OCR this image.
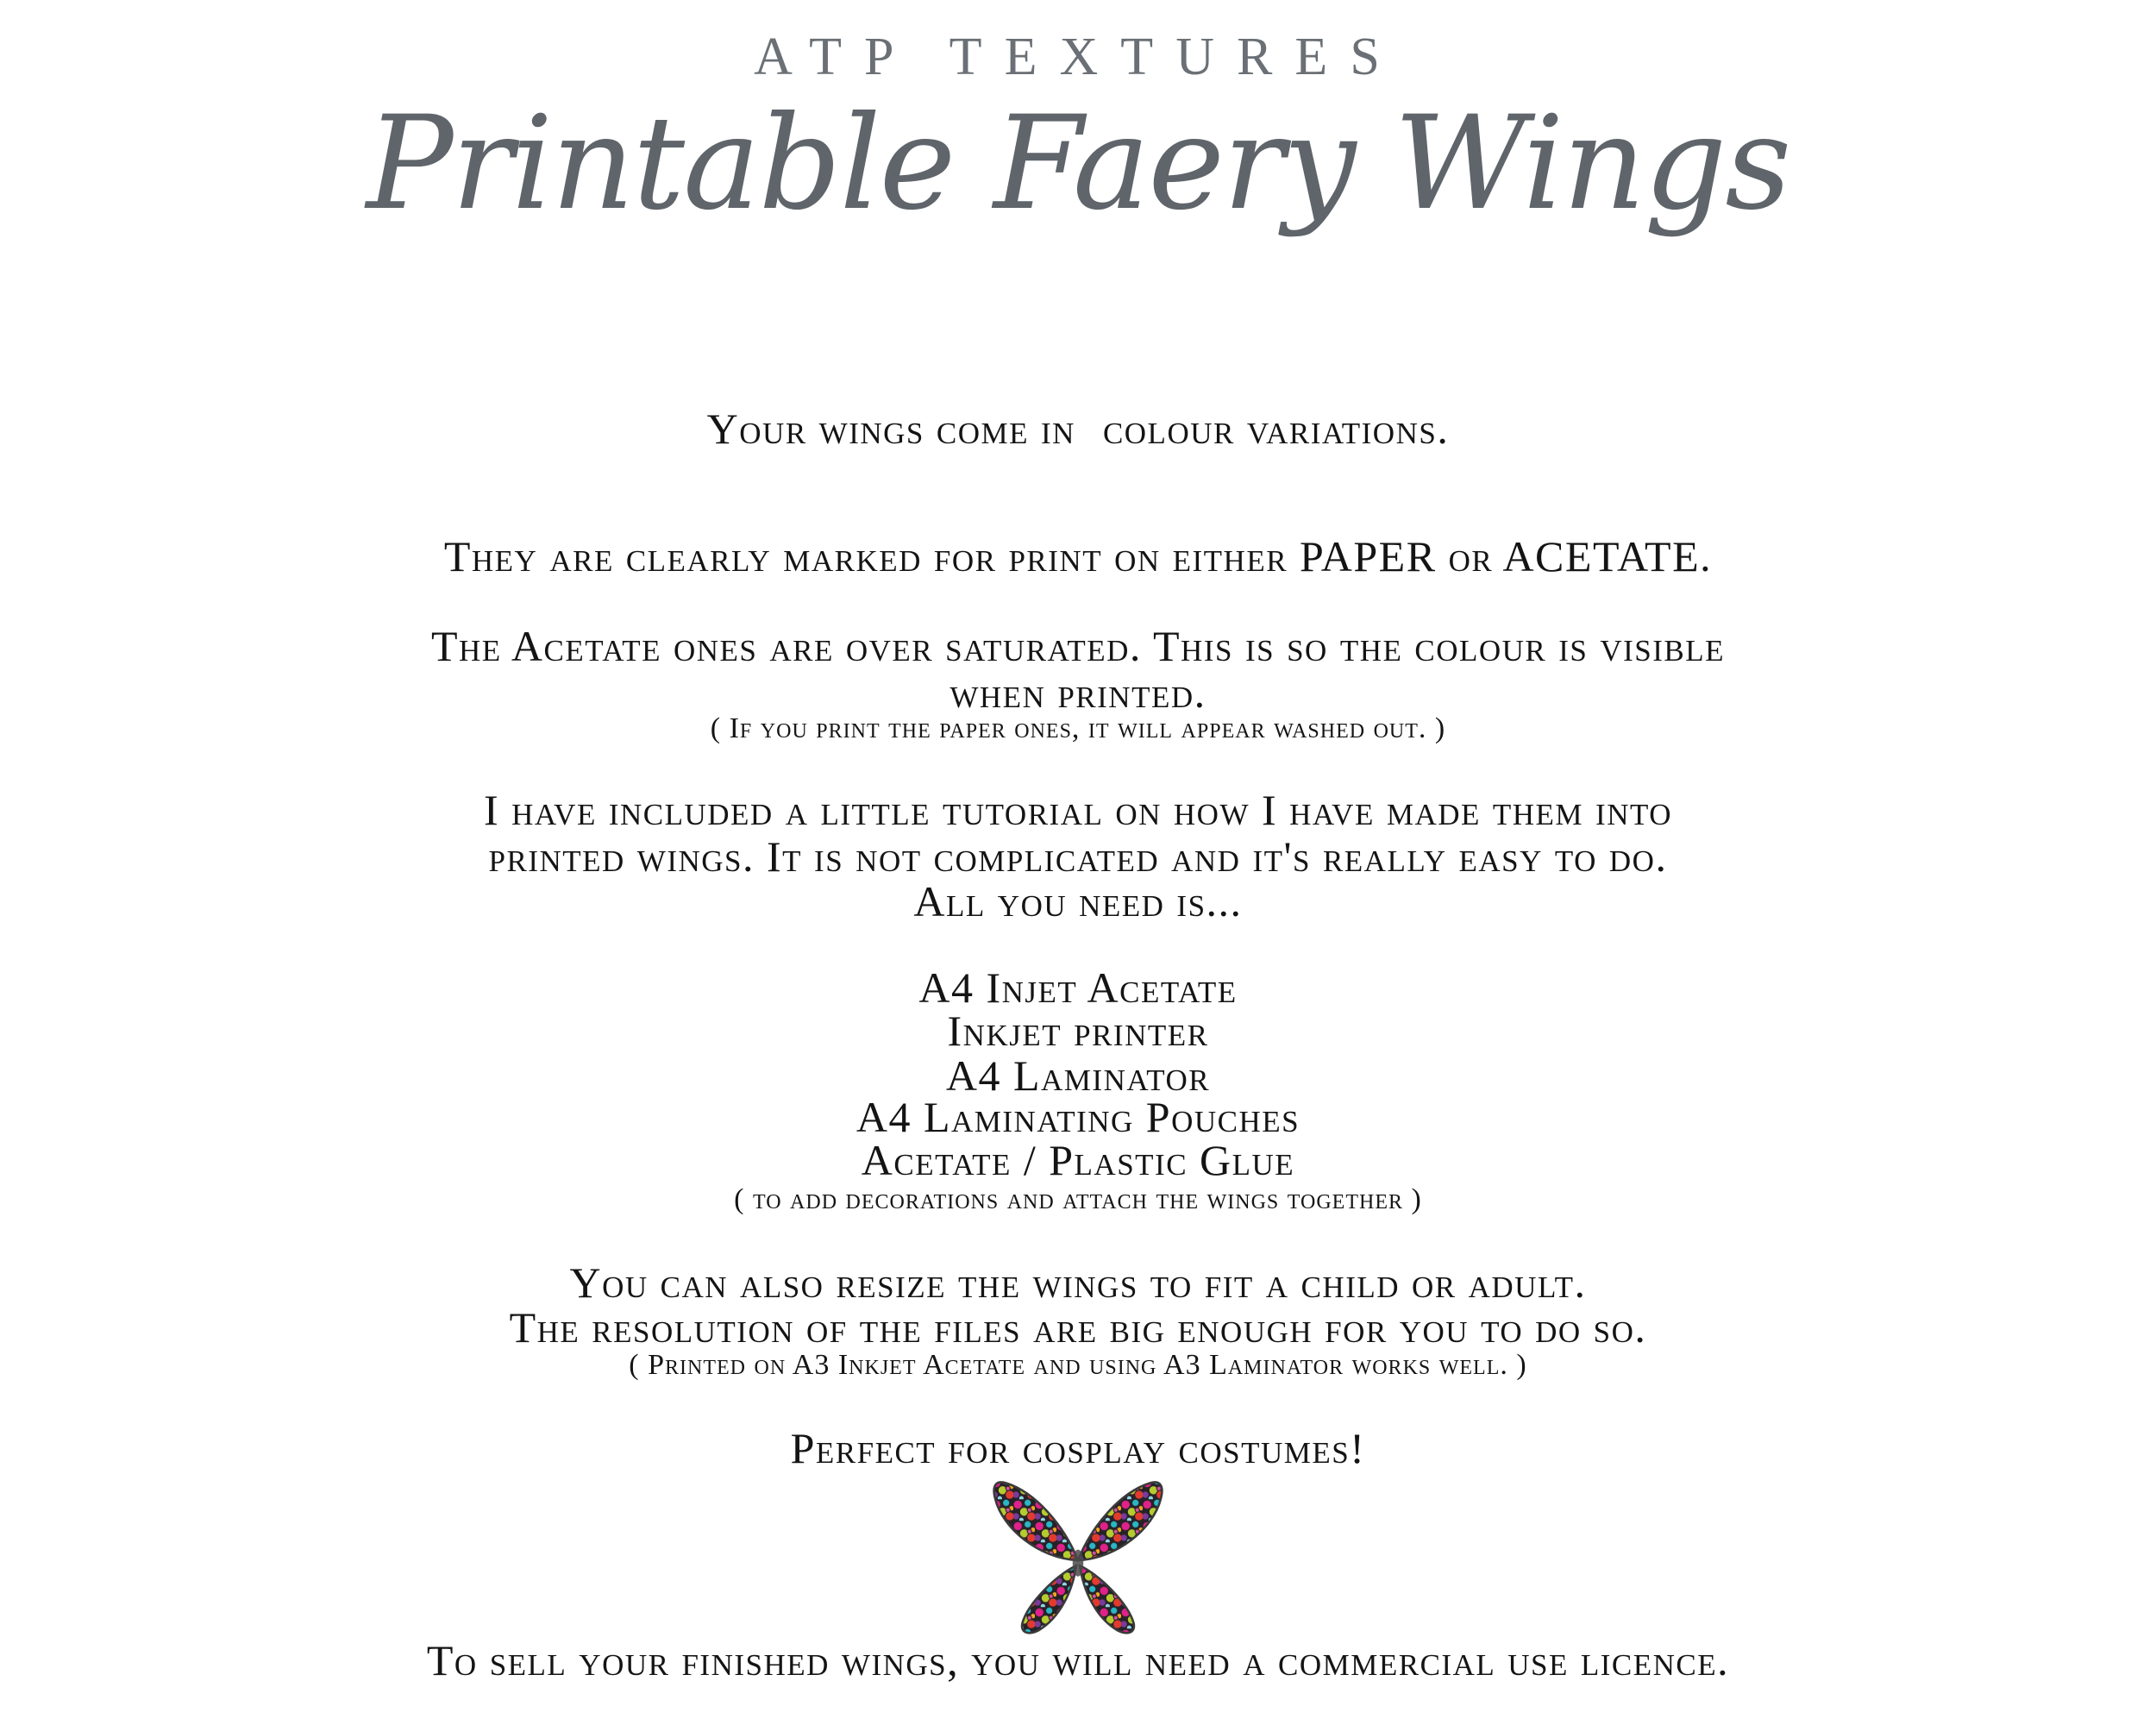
ATP TEXTURES
Printable Faery Wings
Your wings come in colour variations.
They are clearly marked for print on either PAPER or ACETATE.
The Acetate ones are over saturated. This is so the colour is visible
when printed.
( If you print the paper ones, it will appear washed out. )
I have included a little tutorial on how I have made them into
printed wings. It is not complicated and it's really easy to do.
All you need is...
A4 Injet Acetate
Inkjet printer
A4 Laminator
A4 Laminating Pouches
Acetate / Plastic Glue
( to add decorations and attach the wings together )
You can also resize the wings to fit a child or adult.
The resolution of the files are big enough for you to do so.
( Printed on A3 Inkjet Acetate and using A3 Laminator works well. )
Perfect for cosplay costumes!
To sell your finished wings, you will need a commercial use licence.
